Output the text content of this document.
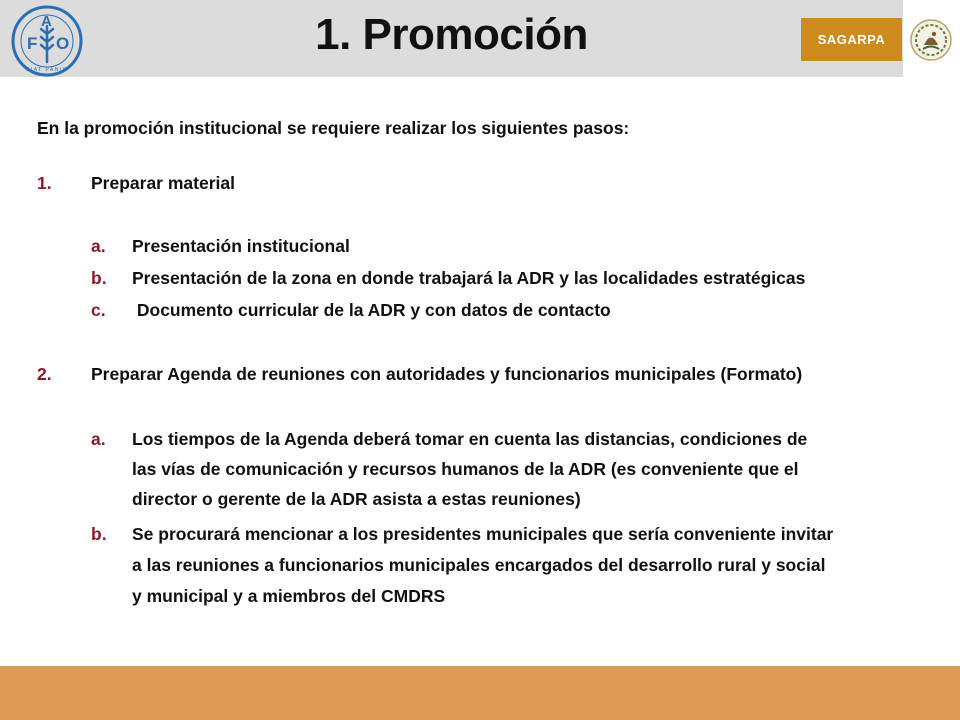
F
A
O
FIAT PANIS
1. Promoción	SAGARPA
En la promoción institucional se requiere realizar los siguientes pasos:
1. Preparar material
a. Presentación institucional
b. Presentación de la zona en donde trabajará la ADR y las localidades estratégicas
c. Documento curricular de la ADR y con datos de contacto
2. Preparar Agenda de reuniones con autoridades y funcionarios municipales (Formato)
a. Los tiempos de la Agenda deberá tomar en cuenta las distancias, condiciones de
las vías de comunicación y recursos humanos de la ADR (es conveniente que el
director o gerente de la ADR asista a estas reuniones)
b. Se procurará mencionar a los presidentes municipales que sería conveniente invitar
a las reuniones a funcionarios municipales encargados del desarrollo rural y social
y municipal y a miembros del CMDRS
